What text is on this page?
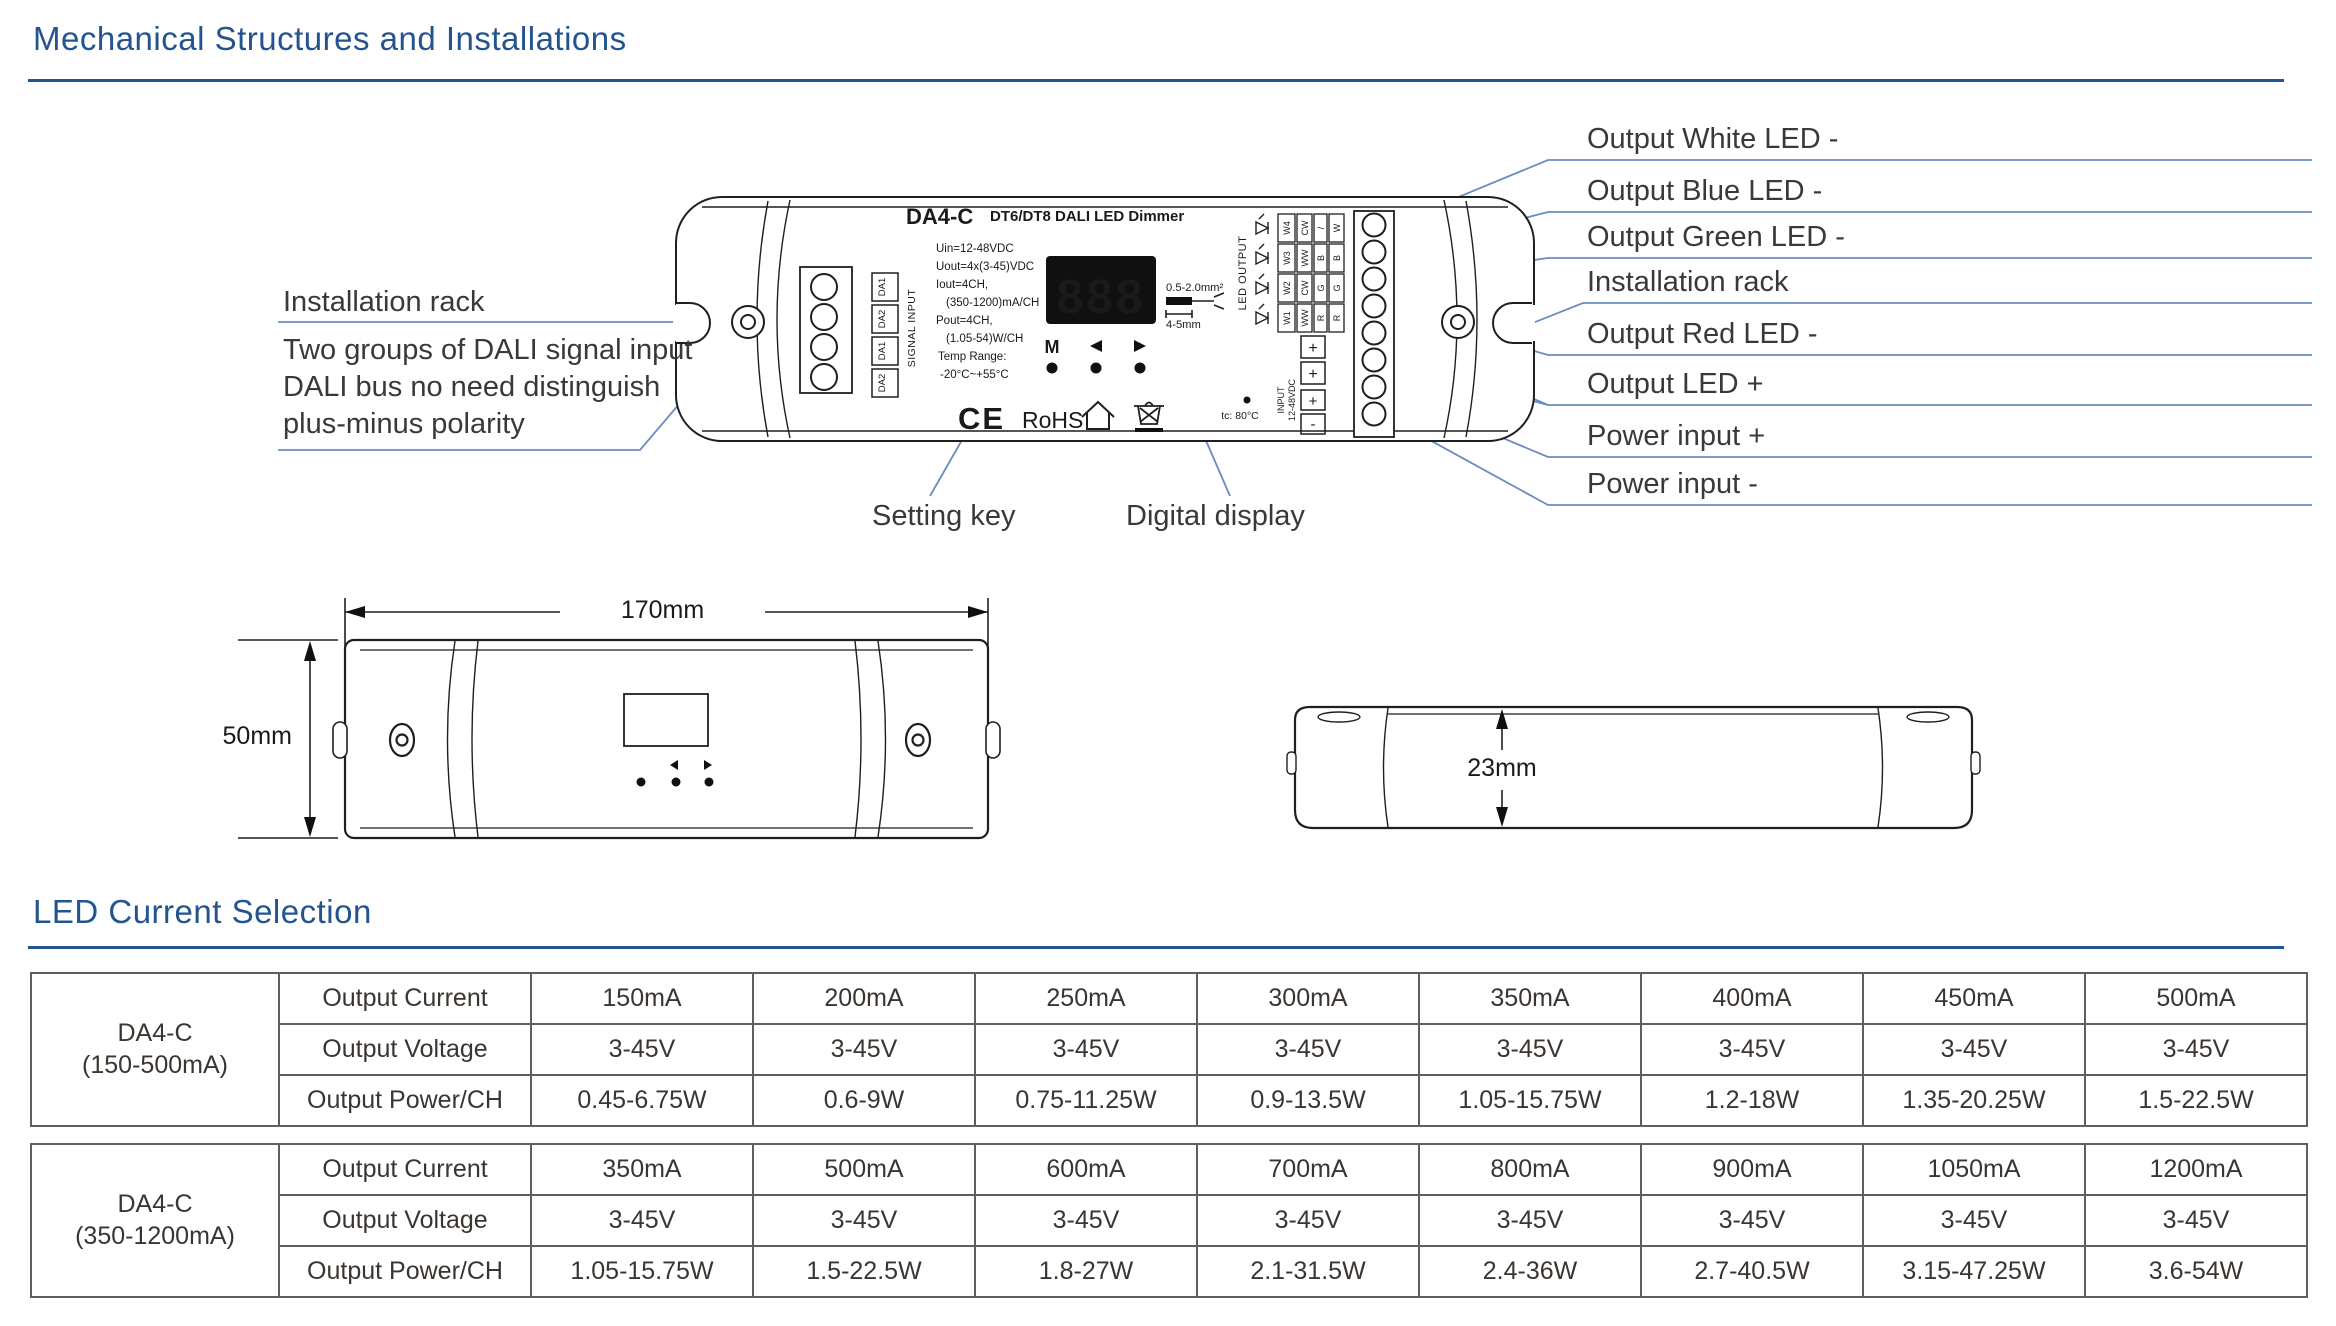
Mechanical Structures and Installations
LED Current Selection
DA4-C DT6/DT8 DALI LED Dimmer
Uin=12-48VDC
Uout=4x(3-45)VDC
Iout=4CH,
(350-1200)mA/CH
Pout=4CH,
(1.05-54)W/CH
Temp Range:
-20°C~+55°C
888 0.5-2.0mm²
4-5mm
M
CE RoHS	tc: 80°C
DA1
DA2
DA1
DA2
SIGNAL INPUT
LED OUTPUT
W4 CW / W
W3 WW B B
W2 CW G G
W1 WW R R
+
+
+
-
INPUT 12-48VDC
Output White LED -
Output Blue LED -
Output Green LED -
Installation rack
Output Red LED -
Output LED +
Power input +
Power input -
Installation rack
Two groups of DALI signal input
DALI bus no need distinguish
plus-minus polarity
Setting key	Digital display
170mm
50mm
23mm
DA4-C
(150-500mA)	Output Current	150mA	200mA	250mA	300mA	350mA	400mA	450mA	500mA
	Output Voltage	3-45V	3-45V	3-45V	3-45V	3-45V	3-45V	3-45V	3-45V
	Output Power/CH	0.45-6.75W	0.6-9W	0.75-11.25W	0.9-13.5W	1.05-15.75W	1.2-18W	1.35-20.25W	1.5-22.5W
DA4-C
(350-1200mA)	Output Current	350mA	500mA	600mA	700mA	800mA	900mA	1050mA	1200mA
	Output Voltage	3-45V	3-45V	3-45V	3-45V	3-45V	3-45V	3-45V	3-45V
	Output Power/CH	1.05-15.75W	1.5-22.5W	1.8-27W	2.1-31.5W	2.4-36W	2.7-40.5W	3.15-47.25W	3.6-54W
